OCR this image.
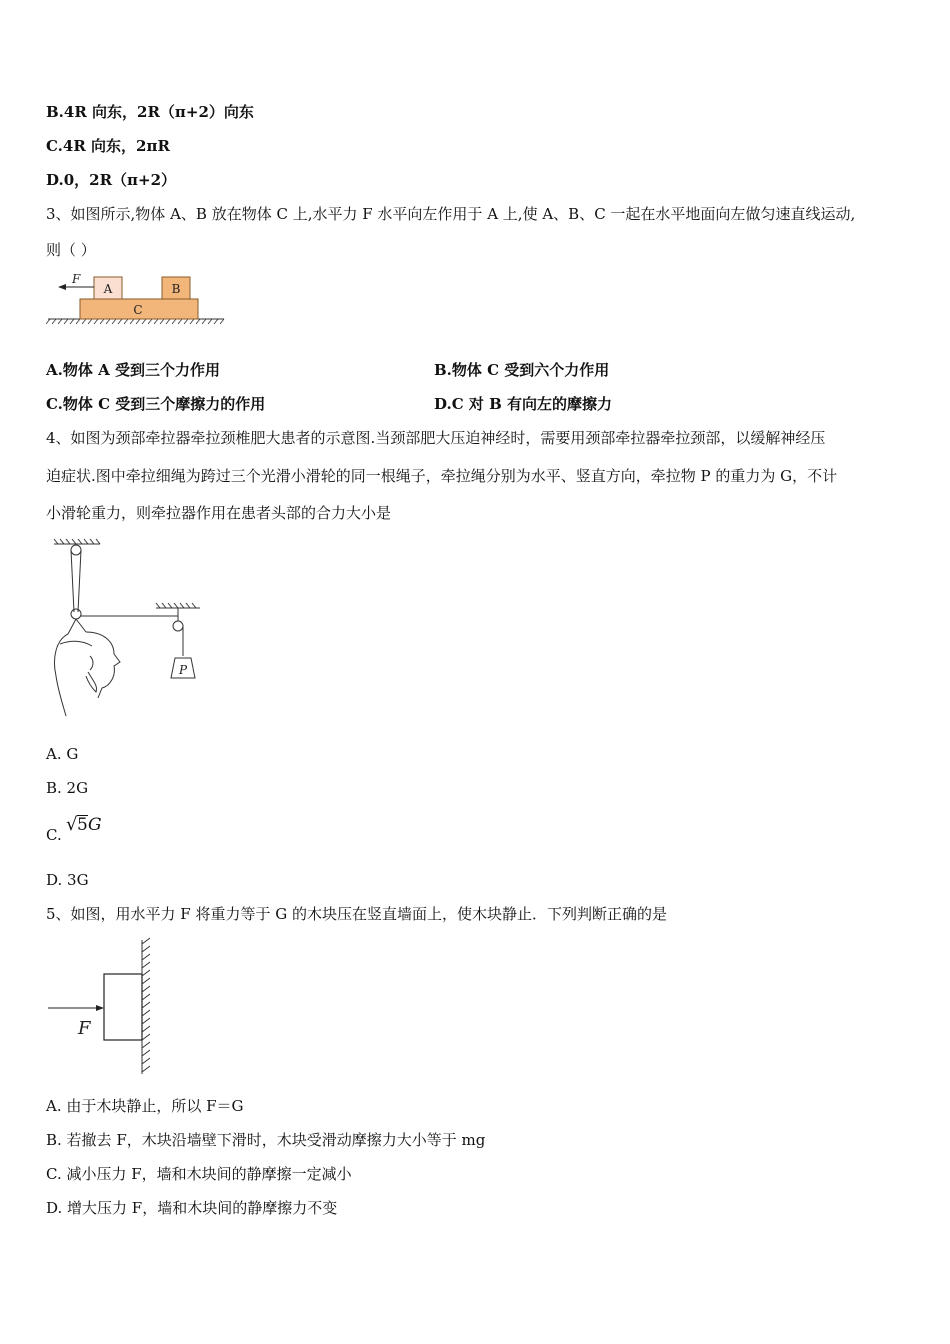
B.4R 向东，2R（π+2）向东
C.4R 向东，2πR
D.0，2R（π+2）
3、如图所示,物体 A、B 放在物体 C 上,水平力 F 水平向左作用于 A 上,使 A、B、C 一起在水平地面向左做匀速直线运动,
则（ ）
C
A	B
F
A.物体 A 受到三个力作用	B.物体 C 受到六个力作用
C.物体 C 受到三个摩擦力的作用	D.C 对 B 有向左的摩擦力
4、如图为颈部牵拉器牵拉颈椎肥大患者的示意图.当颈部肥大压迫神经时，需要用颈部牵拉器牵拉颈部，以缓解神经压
迫症状.图中牵拉细绳为跨过三个光滑小滑轮的同一根绳子，牵拉绳分别为水平、竖直方向，牵拉物 P 的重力为 G，不计
小滑轮重力，则牵拉器作用在患者头部的合力大小是
P
A. G
B. 2G
C. √ 5 G
D. 3G
5、如图，用水平力 F 将重力等于 G 的木块压在竖直墙面上，使木块静止．下列判断正确的是
F
A. 由于木块静止，所以 F＝G
B. 若撤去 F，木块沿墙壁下滑时，木块受滑动摩擦力大小等于 mg
C. 减小压力 F，墙和木块间的静摩擦一定减小
D. 增大压力 F，墙和木块间的静摩擦力不变
